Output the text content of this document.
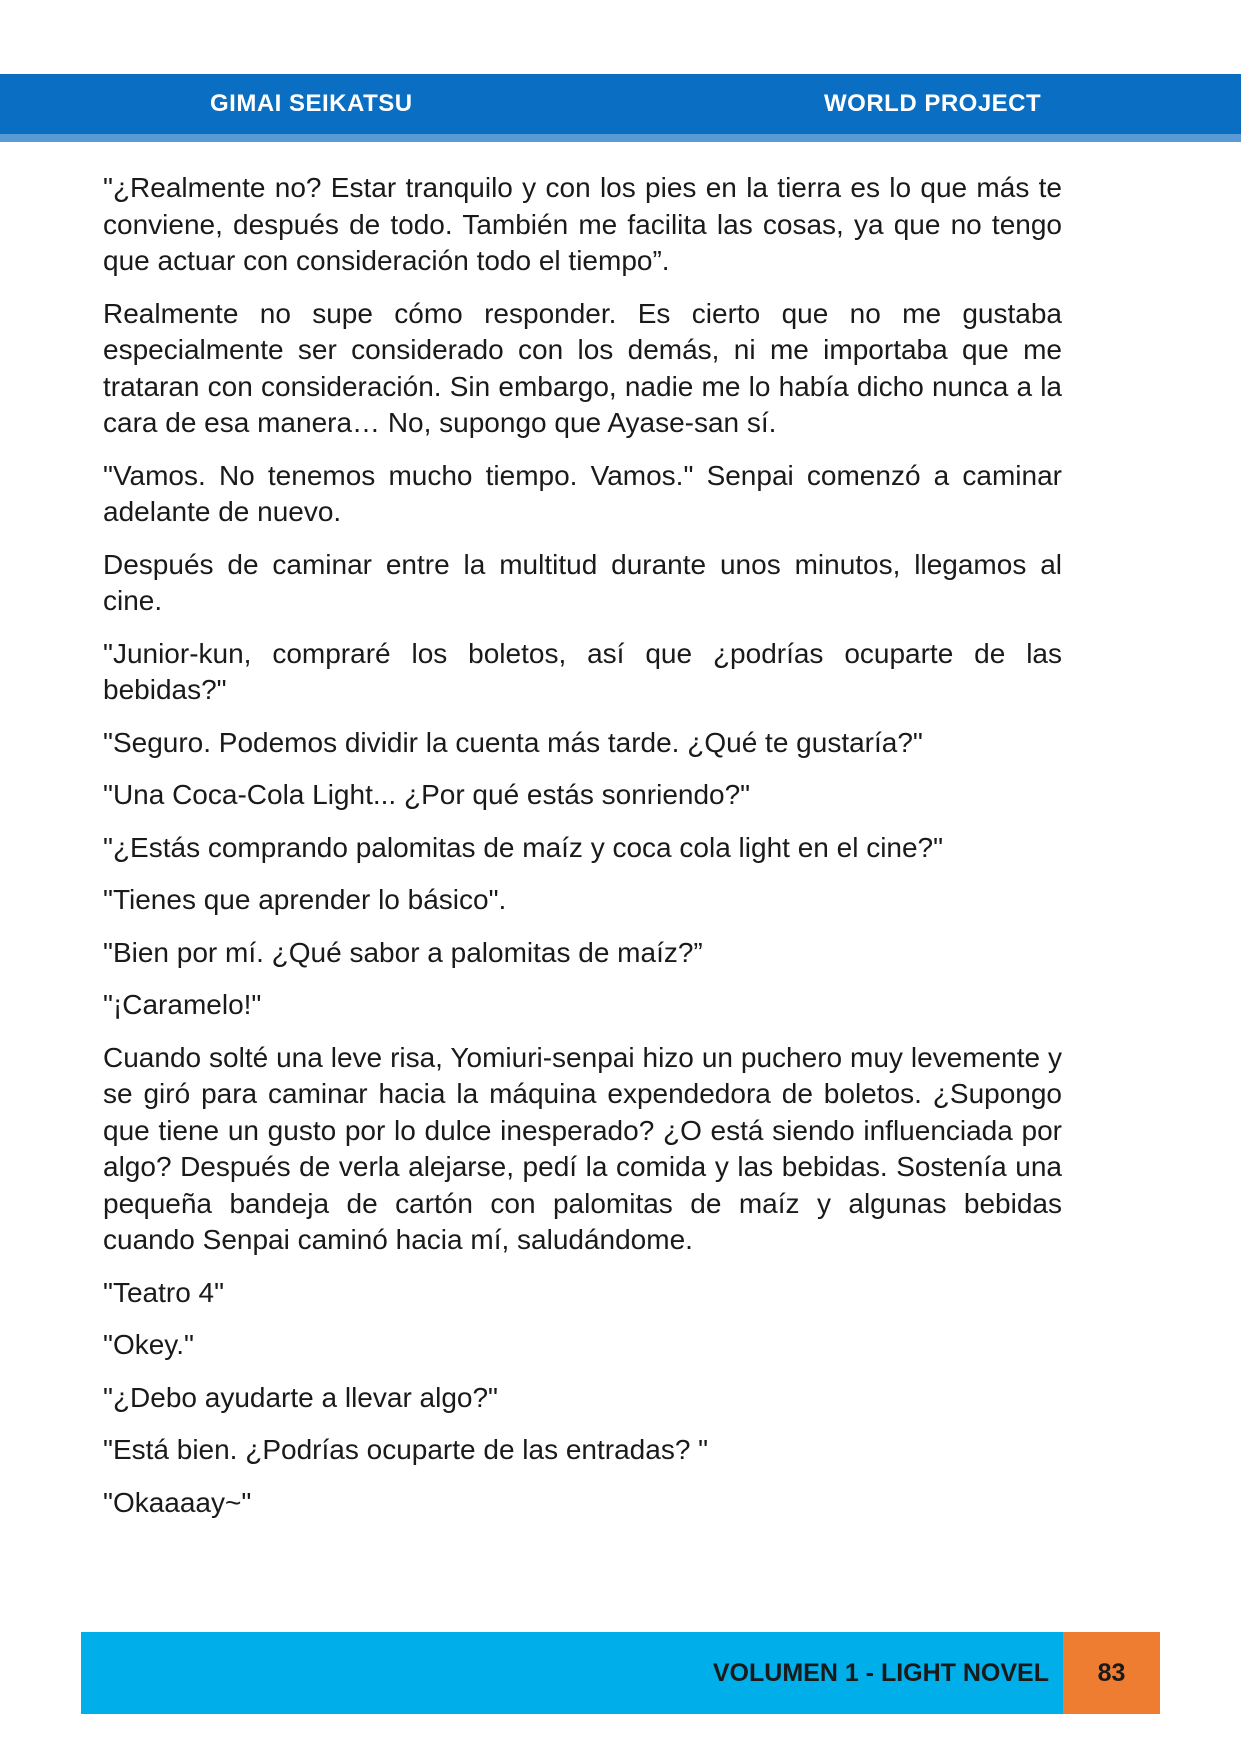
GIMAI SEIKATSU	WORLD PROJECT

"¿Realmente no? Estar tranquilo y con los pies en la tierra es lo que más te conviene, después de todo. También me facilita las cosas, ya que no tengo que actuar con consideración todo el tiempo”.

Realmente no supe cómo responder. Es cierto que no me gustaba especialmente ser considerado con los demás, ni me importaba que me trataran con consideración. Sin embargo, nadie me lo había dicho nunca a la cara de esa manera… No, supongo que Ayase-san sí.

"Vamos. No tenemos mucho tiempo. Vamos." Senpai comenzó a caminar adelante de nuevo.

Después de caminar entre la multitud durante unos minutos, llegamos al cine.

"Junior-kun, compraré los boletos, así que ¿podrías ocuparte de las bebidas?"

"Seguro. Podemos dividir la cuenta más tarde. ¿Qué te gustaría?"

"Una Coca-Cola Light... ¿Por qué estás sonriendo?"

"¿Estás comprando palomitas de maíz y coca cola light en el cine?"

"Tienes que aprender lo básico".

"Bien por mí. ¿Qué sabor a palomitas de maíz?”

"¡Caramelo!"

Cuando solté una leve risa, Yomiuri-senpai hizo un puchero muy levemente y se giró para caminar hacia la máquina expendedora de boletos. ¿Supongo que tiene un gusto por lo dulce inesperado? ¿O está siendo influenciada por algo? Después de verla alejarse, pedí la comida y las bebidas. Sostenía una pequeña bandeja de cartón con palomitas de maíz y algunas bebidas cuando Senpai caminó hacia mí, saludándome.

"Teatro 4"

"Okey."

"¿Debo ayudarte a llevar algo?"

"Está bien. ¿Podrías ocuparte de las entradas? "

"Okaaaay~"

VOLUMEN 1 - LIGHT NOVEL	83
